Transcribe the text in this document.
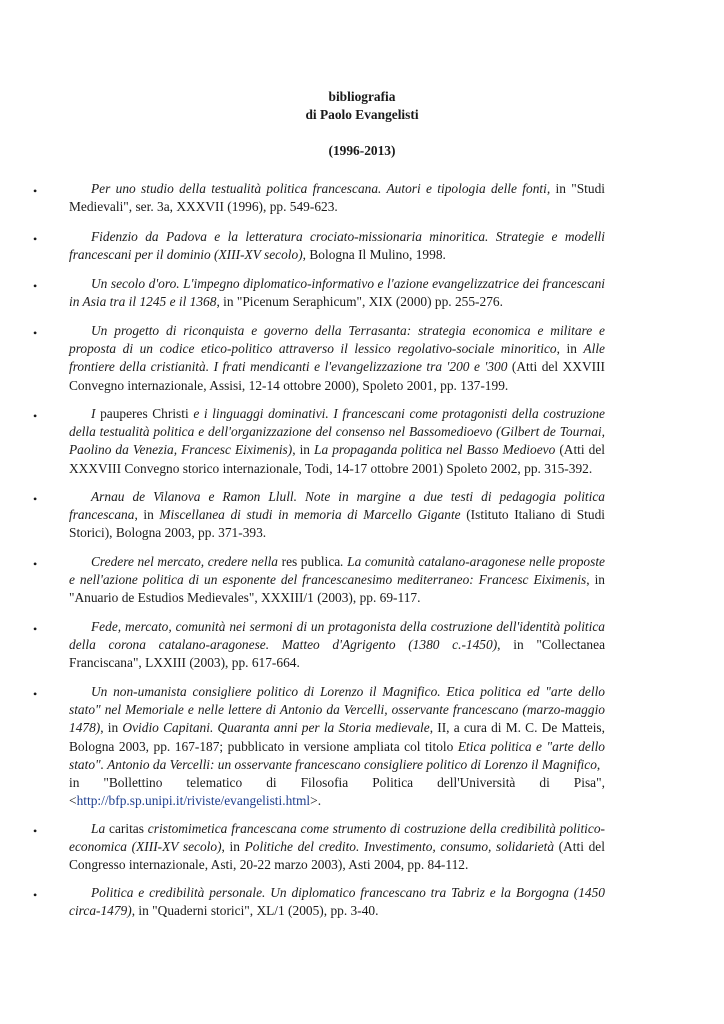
bibliografia
di Paolo Evangelisti
(1996-2013)
•	Per uno studio della testualità politica francescana. Autori e tipologia delle fonti, in "Studi Medievali", ser. 3a, XXXVII (1996), pp. 549-623.
•	Fidenzio da Padova e la letteratura crociato-missionaria minoritica. Strategie e modelli francescani per il dominio (XIII-XV secolo), Bologna Il Mulino, 1998.
•	Un secolo d'oro. L'impegno diplomatico-informativo e l'azione evangelizzatrice dei francescani in Asia tra il 1245 e il 1368, in "Picenum Seraphicum", XIX (2000) pp. 255-276.
•	Un progetto di riconquista e governo della Terrasanta: strategia economica e militare e proposta di un codice etico-politico attraverso il lessico regolativo-sociale minoritico, in Alle frontiere della cristianità. I frati mendicanti e l'evangelizzazione tra '200 e '300 (Atti del XXVIII Convegno internazionale, Assisi, 12-14 ottobre 2000), Spoleto 2001, pp. 137-199.
•	I pauperes Christi e i linguaggi dominativi. I francescani come protagonisti della costruzione della testualità politica e dell'organizzazione del consenso nel Bassomedioevo (Gilbert de Tournai, Paolino da Venezia, Francesc Eiximenis), in La propaganda politica nel Basso Medioevo (Atti del XXXVIII Convegno storico internazionale, Todi, 14-17 ottobre 2001) Spoleto 2002, pp. 315-392.
•	Arnau de Vilanova e Ramon Llull. Note in margine a due testi di pedagogia politica francescana, in Miscellanea di studi in memoria di Marcello Gigante (Istituto Italiano di Studi Storici), Bologna 2003, pp. 371-393.
•	Credere nel mercato, credere nella res publica. La comunità catalano-aragonese nelle proposte e nell'azione politica di un esponente del francescanesimo mediterraneo: Francesc Eiximenis, in "Anuario de Estudios Medievales", XXXIII/1 (2003), pp. 69-117.
•	Fede, mercato, comunità nei sermoni di un protagonista della costruzione dell'identità politica della corona catalano-aragonese. Matteo d'Agrigento (1380 c.-1450), in "Collectanea Franciscana", LXXIII (2003), pp. 617-664.
•	Un non-umanista consigliere politico di Lorenzo il Magnifico. Etica politica ed "arte dello stato" nel Memoriale e nelle lettere di Antonio da Vercelli, osservante francescano (marzo-maggio 1478), in Ovidio Capitani. Quaranta anni per la Storia medievale, II, a cura di M. C. De Matteis, Bologna 2003, pp. 167-187; pubblicato in versione ampliata col titolo Etica politica e "arte dello stato". Antonio da Vercelli: un osservante francescano consigliere politico di Lorenzo il Magnifico,
in "Bollettino telematico di Filosofia Politica dell'Università di Pisa",
<http://bfp.sp.unipi.it/riviste/evangelisti.html>.
•	La caritas cristomimetica francescana come strumento di costruzione della credibilità politico-economica (XIII-XV secolo), in Politiche del credito. Investimento, consumo, solidarietà (Atti del Congresso internazionale, Asti, 20-22 marzo 2003), Asti 2004, pp. 84-112.
•	Politica e credibilità personale. Un diplomatico francescano tra Tabriz e la Borgogna (1450 circa-1479), in "Quaderni storici", XL/1 (2005), pp. 3-40.
